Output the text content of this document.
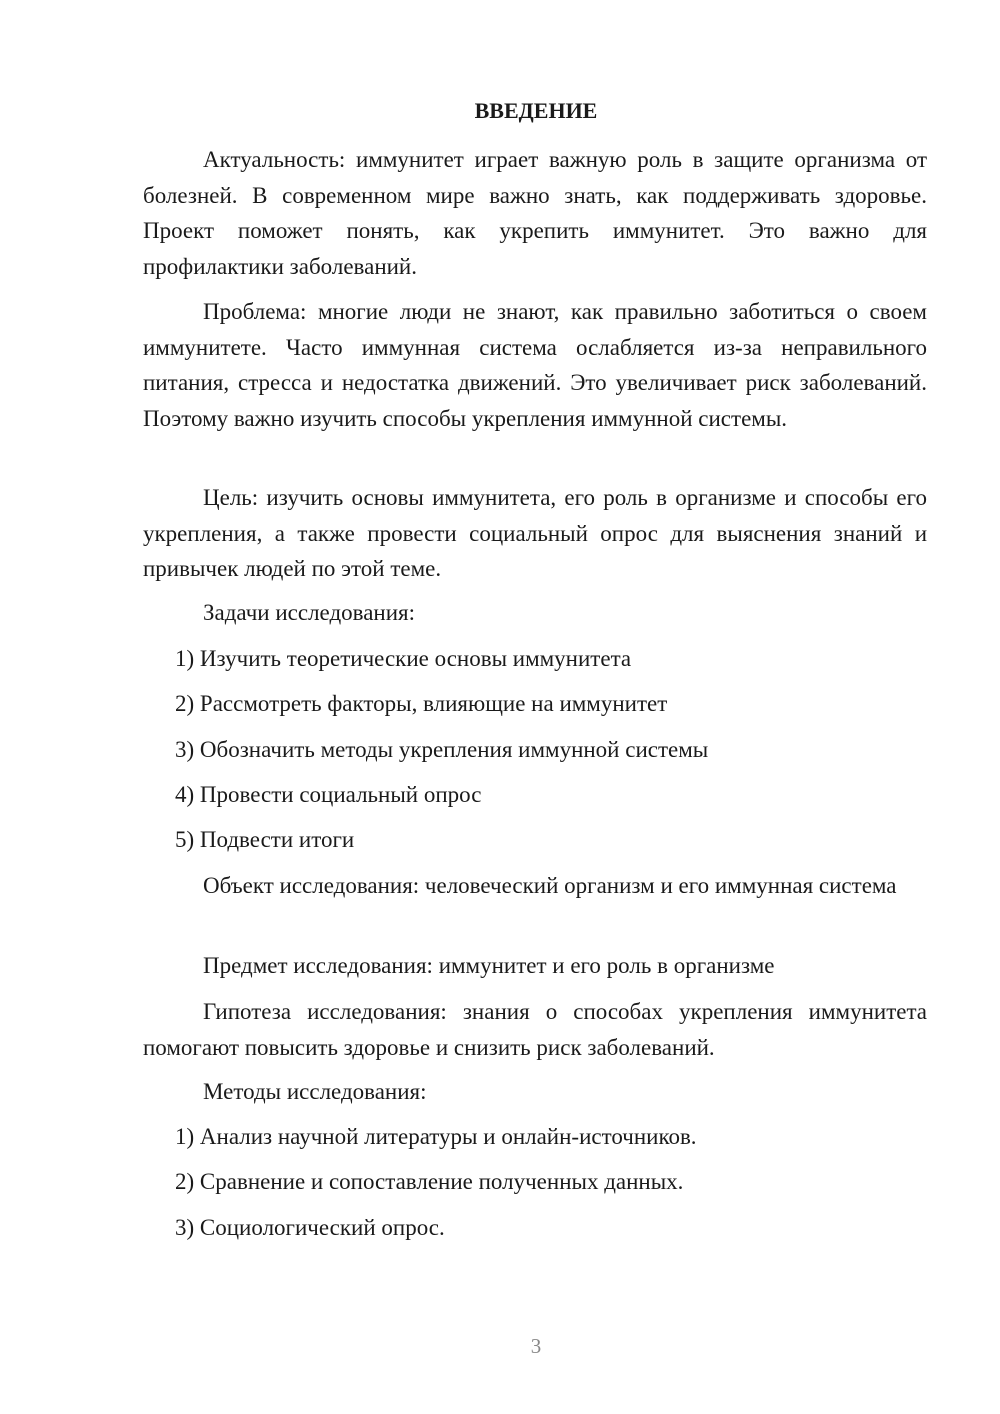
ВВЕДЕНИЕ

Актуальность: иммунитет играет важную роль в защите организма от болезней. В современном мире важно знать, как поддерживать здоровье. Проект поможет понять, как укрепить иммунитет. Это важно для профилактики заболеваний.

Проблема: многие люди не знают, как правильно заботиться о своем иммунитете. Часто иммунная система ослабляется из-за неправильного питания, стресса и недостатка движений. Это увеличивает риск заболеваний. Поэтому важно изучить способы укрепления иммунной системы.

Цель: изучить основы иммунитета, его роль в организме и способы его укрепления, а также провести социальный опрос для выяснения знаний и привычек людей по этой теме.

Задачи исследования:

1) Изучить теоретические основы иммунитета

2) Рассмотреть факторы, влияющие на иммунитет

3) Обозначить методы укрепления иммунной системы

4) Провести социальный опрос

5) Подвести итоги

Объект исследования: человеческий организм и его иммунная система

Предмет исследования: иммунитет и его роль в организме

Гипотеза исследования: знания о способах укрепления иммунитета помогают повысить здоровье и снизить риск заболеваний.

Методы исследования:

1) Анализ научной литературы и онлайн-источников.

2) Сравнение и сопоставление полученных данных.

3) Социологический опрос.

3
